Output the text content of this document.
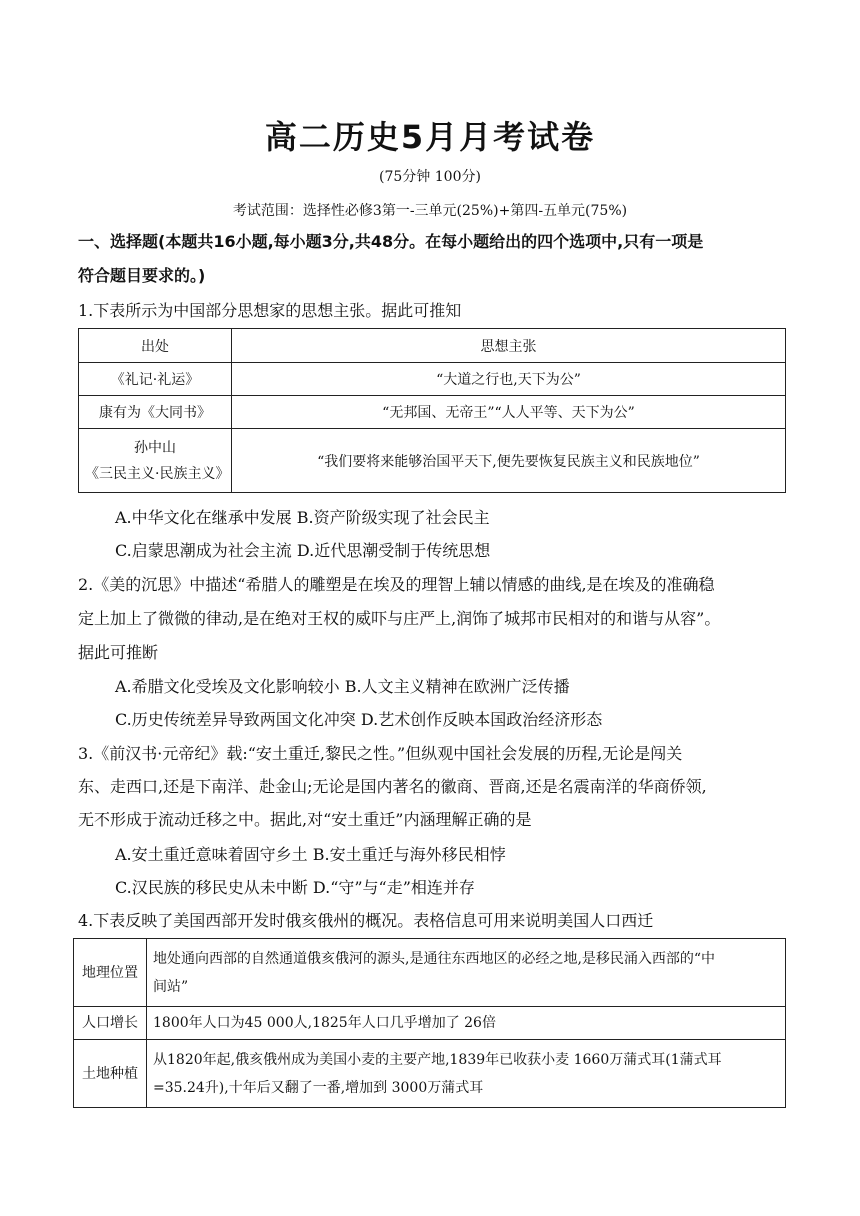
高二历史5月月考试卷
(75分钟 100分)
考试范围：选择性必修3第一-三单元(25%)+第四-五单元(75%)
一、选择题(本题共16小题,每小题3分,共48分。在每小题给出的四个选项中,只有一项是
符合题目要求的。)
1.下表所示为中国部分思想家的思想主张。据此可推知
出处	思想主张
《礼记·礼运》	“大道之行也,天下为公”
康有为《大同书》	“无邦国、无帝王”“人人平等、天下为公”

孙中山
《三民主义·民族主义》	“我们要将来能够治国平天下,便先要恢复民族主义和民族地位”
A.中华文化在继承中发展 B.资产阶级实现了社会民主
C.启蒙思潮成为社会主流 D.近代思潮受制于传统思想
2.《美的沉思》中描述“希腊人的雕塑是在埃及的理智上辅以情感的曲线,是在埃及的准确稳
定上加上了微微的律动,是在绝对王权的威吓与庄严上,润饰了城邦市民相对的和谐与从容”。
据此可推断
A.希腊文化受埃及文化影响较小 B.人文主义精神在欧洲广泛传播
C.历史传统差异导致两国文化冲突 D.艺术创作反映本国政治经济形态
3.《前汉书·元帝纪》载:“安土重迁,黎民之性。”但纵观中国社会发展的历程,无论是闯关
东、走西口,还是下南洋、赴金山;无论是国内著名的徽商、晋商,还是名震南洋的华商侨领,
无不形成于流动迁移之中。据此,对“安土重迁”内涵理解正确的是
A.安土重迁意味着固守乡土 B.安土重迁与海外移民相悖
C.汉民族的移民史从未中断 D.“守”与“走”相连并存
4.下表反映了美国西部开发时俄亥俄州的概况。表格信息可用来说明美国人口西迁
地理位置	地处通向西部的自然通道俄亥俄河的源头,是通往东西地区的必经之地,是移民涌入西部的“中
间站”

人口增长	1800年人口为45 000人,1825年人口几乎增加了 26倍
土地种植	从1820年起,俄亥俄州成为美国小麦的主要产地,1839年已收获小麦 1660万蒲式耳(1蒲式耳
=35.24升),十年后又翻了一番,增加到 3000万蒲式耳
